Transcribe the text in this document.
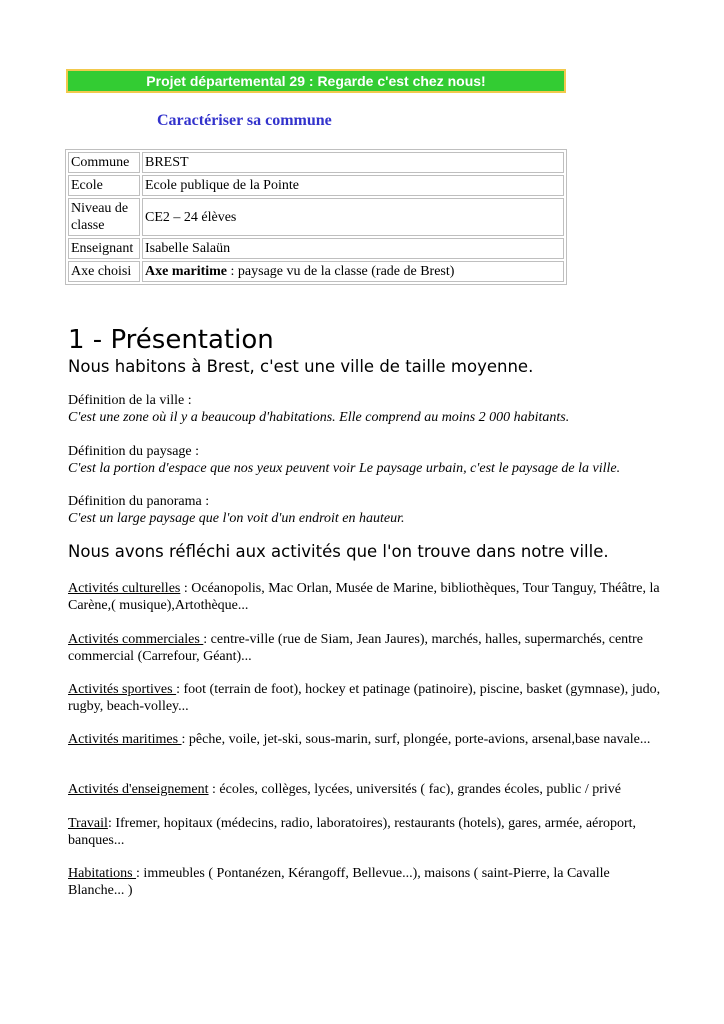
Projet départemental 29 : Regarde c'est chez nous!
Caractériser sa commune
Commune	BREST
Ecole	Ecole publique de la Pointe
Niveau de classe	CE2 – 24 élèves
Enseignant	Isabelle Salaün
Axe choisi	Axe maritime : paysage vu de la classe (rade de Brest)
1 - Présentation
Nous habitons à Brest, c'est une ville de taille moyenne.
Définition de la ville :
C'est une zone où il y a beaucoup d'habitations. Elle comprend au moins 2 000 habitants.
Définition du paysage :
C'est la portion d'espace que nos yeux peuvent voir Le paysage urbain, c'est le paysage de la ville.
Définition du panorama :
C'est un large paysage que l'on voit d'un endroit en hauteur.
Nous avons réfléchi aux activités que l'on trouve dans notre ville.
Activités culturelles : Océanopolis, Mac Orlan, Musée de Marine, bibliothèques, Tour Tanguy, Théâtre, la Carène,( musique),Artothèque...
Activités commerciales : centre-ville (rue de Siam, Jean Jaures), marchés, halles, supermarchés, centre commercial (Carrefour, Géant)...
Activités sportives : foot (terrain de foot), hockey et patinage (patinoire), piscine, basket (gymnase), judo, rugby, beach-volley...
Activités maritimes : pêche, voile, jet-ski, sous-marin, surf, plongée, porte-avions, arsenal,base navale...
Activités d'enseignement : écoles, collèges, lycées, universités ( fac), grandes écoles, public / privé
Travail: Ifremer, hopitaux (médecins, radio, laboratoires), restaurants (hotels), gares, armée, aéroport, banques...
Habitations : immeubles ( Pontanézen, Kérangoff, Bellevue...), maisons ( saint-Pierre, la Cavalle Blanche... )
